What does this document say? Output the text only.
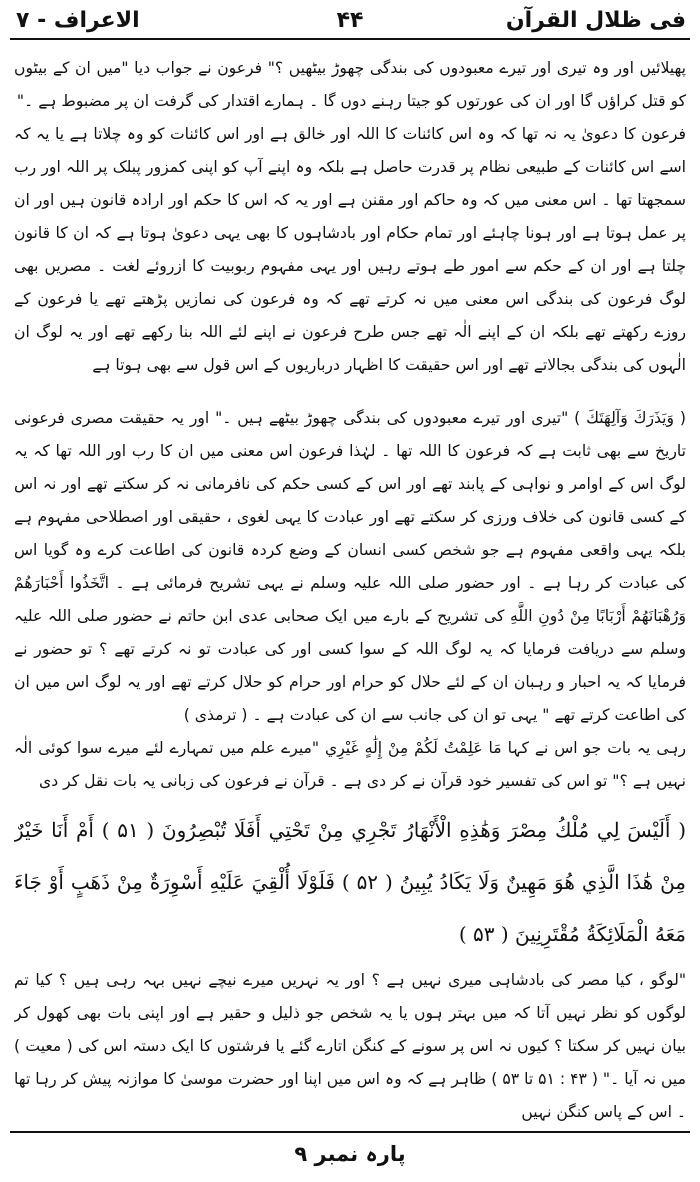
فی ظلال القرآن
۴۴
الاعراف - ۷

پھیلائیں اور وہ تیری اور تیرے معبودوں کی بندگی چھوڑ بیٹھیں ؟" فرعون نے جواب دیا "میں ان کے بیٹوں کو قتل کراؤں گا اور ان کی عورتوں کو جیتا رہنے دوں گا ۔ ہمارے اقتدار کی گرفت ان پر مضبوط ہے ۔"

فرعون کا دعویٰ یہ نہ تھا کہ وہ اس کائنات کا اللہ اور خالق ہے اور اس کائنات کو وہ چلاتا ہے یا یہ کہ اسے اس کائنات کے طبیعی نظام پر قدرت حاصل ہے بلکہ وہ اپنے آپ کو اپنی کمزور پبلک پر اللہ اور رب سمجھتا تھا ۔ اس معنی میں کہ وہ حاکم اور مقنن ہے اور یہ کہ اس کا حکم اور ارادہ قانون ہیں اور ان پر عمل ہوتا ہے اور ہونا چاہئے اور تمام حکام اور بادشاہوں کا بھی یہی دعویٰ ہوتا ہے کہ ان کا قانون چلتا ہے اور ان کے حکم سے امور طے ہوتے رہیں اور یہی مفہوم ربوبیت کا ازروئے لغت ۔ مصریں بھی لوگ فرعون کی بندگی اس معنی میں نہ کرتے تھے کہ وہ فرعون کی نمازیں پڑھتے تھے یا فرعون کے روزے رکھتے تھے بلکہ ان کے اپنے الٰہ تھے جس طرح فرعون نے اپنے لئے اللہ بنا رکھے تھے اور یہ لوگ ان الٰہوں کی بندگی بجالاتے تھے اور اس حقیقت کا اظہار درباریوں کے اس قول سے بھی ہوتا ہے

( وَيَذَرَكَ وَآلِهَتَكَ ) "تیری اور تیرے معبودوں کی بندگی چھوڑ بیٹھے ہیں ۔" اور یہ حقیقت مصری فرعونی تاریخ سے بھی ثابت ہے کہ فرعون کا اللہ تھا ۔ لہٰذا فرعون اس معنی میں ان کا رب اور اللہ تھا کہ یہ لوگ اس کے اوامر و نواہی کے پابند تھے اور اس کے کسی حکم کی نافرمانی نہ کر سکتے تھے اور نہ اس کے کسی قانون کی خلاف ورزی کر سکتے تھے اور عبادت کا یہی لغوی ، حقیقی اور اصطلاحی مفہوم ہے بلکہ یہی واقعی مفہوم ہے جو شخص کسی انسان کے وضع کردہ قانون کی اطاعت کرے وہ گویا اس کی عبادت کر رہا ہے ۔ اور حضور صلی اللہ علیہ وسلم نے یہی تشریح فرمائی ہے ۔ اتَّخَذُوا أَحْبَارَهُمْ وَرُهْبَانَهُمْ أَرْبَابًا مِنْ دُونِ اللَّهِ کی تشریح کے بارے میں ایک صحابی عدی ابن حاتم نے حضور صلی اللہ علیہ وسلم سے دریافت فرمایا کہ یہ لوگ اللہ کے سوا کسی اور کی عبادت تو نہ کرتے تھے ؟ تو حضور نے فرمایا کہ یہ احبار و رہبان ان کے لئے حلال کو حرام اور حرام کو حلال کرتے تھے اور یہ لوگ اس میں ان کی اطاعت کرتے تھے " یہی تو ان کی جانب سے ان کی عبادت ہے ۔ ( ترمذی )

رہی یہ بات جو اس نے کہا مَا عَلِمْتُ لَكُمْ مِنْ إِلَٰهٍ غَيْرِي "میرے علم میں تمہارے لئے میرے سوا کوئی الٰہ نہیں ہے ؟" تو اس کی تفسیر خود قرآن نے کر دی ہے ۔ قرآن نے فرعون کی زبانی یہ بات نقل کر دی

( أَلَيْسَ لِي مُلْكُ مِصْرَ وَهَٰذِهِ الْأَنْهَارُ تَجْرِي مِنْ تَحْتِي أَفَلَا تُبْصِرُونَ ( ۵۱ ) أَمْ أَنَا خَيْرٌ مِنْ هَٰذَا الَّذِي هُوَ مَهِينٌ وَلَا يَكَادُ يُبِينُ ( ۵۲ ) فَلَوْلَا أُلْقِيَ عَلَيْهِ أَسْوِرَةٌ مِنْ ذَهَبٍ أَوْ جَاءَ مَعَهُ الْمَلَائِكَةُ مُقْتَرِنِينَ ( ۵۳ )

"لوگو ، کیا مصر کی بادشاہی میری نہیں ہے ؟ اور یہ نہریں میرے نیچے نہیں بہہ رہی ہیں ؟ کیا تم لوگوں کو نظر نہیں آتا کہ میں بہتر ہوں یا یہ شخص جو ذلیل و حقیر ہے اور اپنی بات بھی کھول کر بیان نہیں کر سکتا ؟ کیوں نہ اس پر سونے کے کنگن اتارے گئے یا فرشتوں کا ایک دستہ اس کی ( معیت ) میں نہ آیا ۔" ( ۴۳ : ۵۱ تا ۵۳ ) ظاہر ہے کہ وہ اس میں اپنا اور حضرت موسیٰ کا موازنہ پیش کر رہا تھا ۔ اس کے پاس کنگن نہیں

پارہ نمبر ۹
